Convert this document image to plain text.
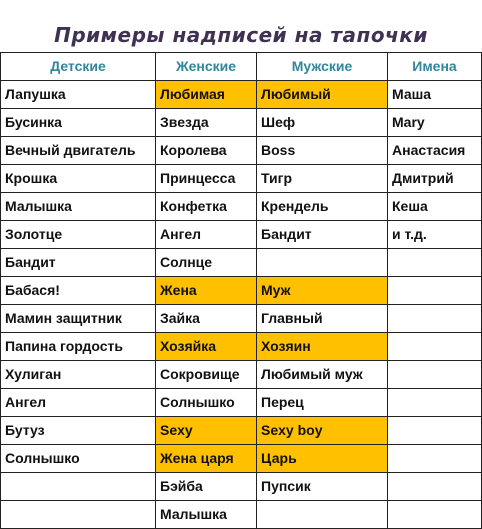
Примеры надписей на тапочки
Детские	Женские	Мужские	Имена
Лапушка	Любимая	Любимый	Маша
Бусинка	Звезда	Шеф	Mary
Вечный двигатель	Королева	Boss	Анастасия
Крошка	Принцесса	Тигр	Дмитрий
Малышка	Конфетка	Крендель	Кеша
Золотце	Ангел	Бандит	и т.д.
Бандит	Солнце		
Бабася!	Жена	Муж	
Мамин защитник	Зайка	Главный	
Папина гордость	Хозяйка	Хозяин	
Хулиган	Сокровище	Любимый муж	
Ангел	Солнышко	Перец	
Бутуз	Sexy	Sexy boy	
Солнышко	Жена царя	Царь	
	Бэйба	Пупсик	
	Малышка		
